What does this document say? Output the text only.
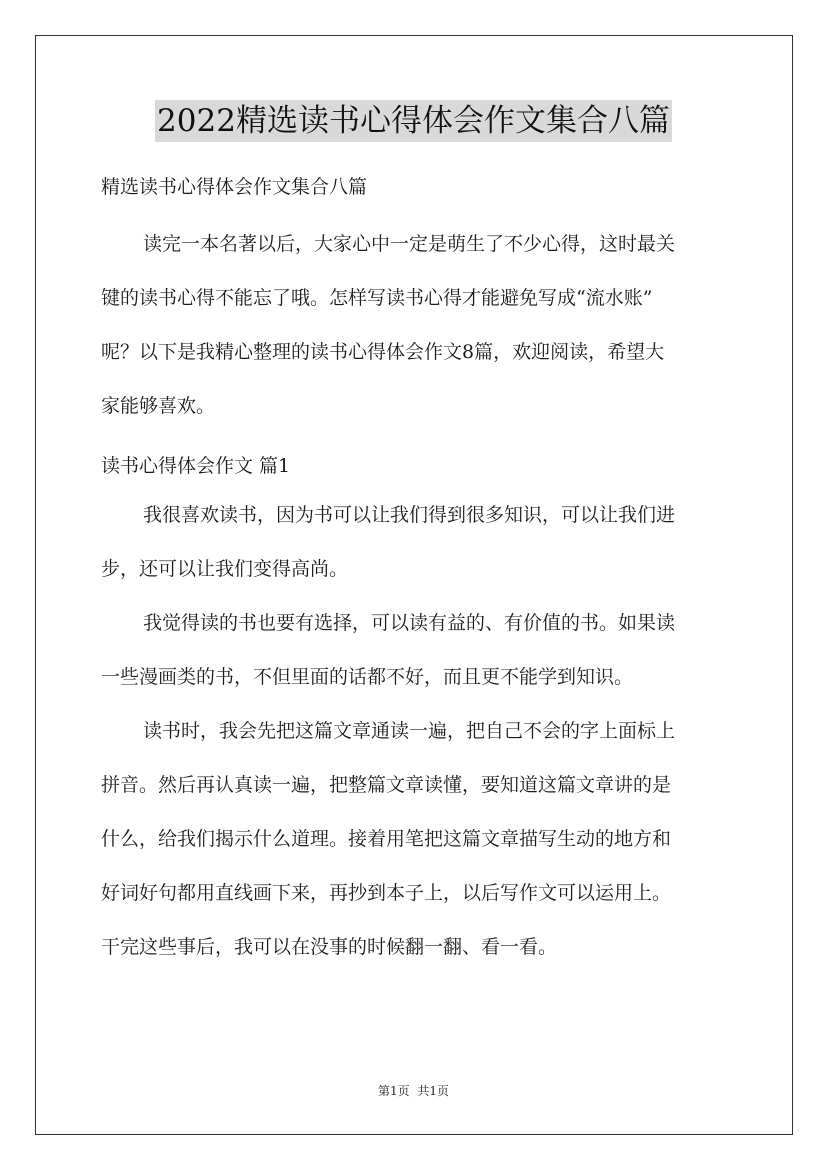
2022精选读书心得体会作文集合八篇
精选读书心得体会作文集合八篇
读完一本名著以后，大家心中一定是萌生了不少心得，这时最关
键的读书心得不能忘了哦。怎样写读书心得才能避免写成“流水账”
呢？以下是我精心整理的读书心得体会作文8篇，欢迎阅读，希望大
家能够喜欢。
读书心得体会作文 篇1
我很喜欢读书，因为书可以让我们得到很多知识，可以让我们进
步，还可以让我们变得高尚。
我觉得读的书也要有选择，可以读有益的、有价值的书。如果读
一些漫画类的书，不但里面的话都不好，而且更不能学到知识。
读书时，我会先把这篇文章通读一遍，把自己不会的字上面标上
拼音。然后再认真读一遍，把整篇文章读懂，要知道这篇文章讲的是
什么，给我们揭示什么道理。接着用笔把这篇文章描写生动的地方和
好词好句都用直线画下来，再抄到本子上，以后写作文可以运用上。
干完这些事后，我可以在没事的时候翻一翻、看一看。
第1页 共1页
